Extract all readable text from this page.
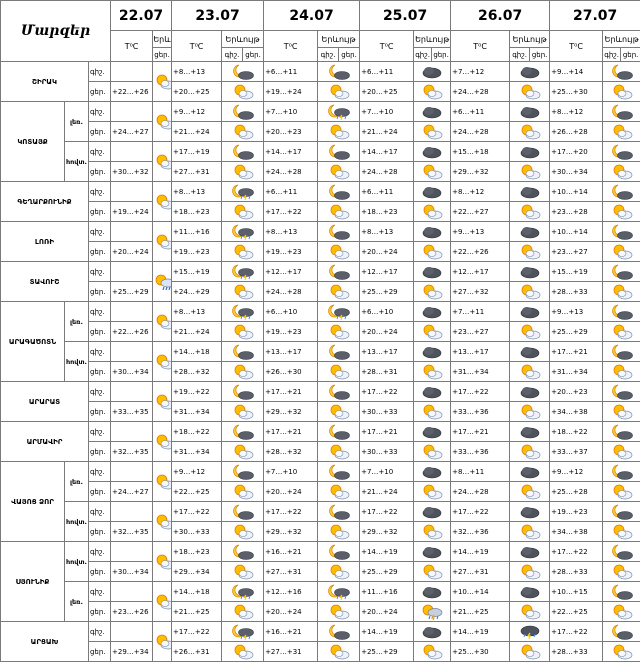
Մարզեր			22.07		23.07			24.07			25.07			26.07			27.07		
			T⁰C	Երև	T⁰C	Երևույթ		T⁰C	Երևույթ		T⁰C	Երևույթ		T⁰C	Երևույթ		T⁰C	Երևույթ	
				ցեր.		գիշ.	ցեր.		գիշ.	ցեր.		գիշ.	ցեր.		գիշ.	ցեր.		գիշ.	ցեր.
ՇԻՐԱԿ		գիշ.			+8…+13			+6…+11			+6…+11			+7…+12			+9…+14	

		ցեր.	+22…+26		+20…+25			+19…+24			+20…+25			+24…+28			+25…+30	

ԿՈՏԱՅՔ	լեռ.	գիշ.			+9…+12			+7…+10			+7…+10			+6…+11			+8…+12	

		ցեր.	+24…+27		+21…+24			+20…+23			+21…+24			+24…+28			+26…+28	

	հովտ.	գիշ.			+17…+19			+14…+17			+14…+17			+15…+18			+17…+20	

		ցեր.	+30…+32		+27…+31			+24…+28			+24…+28			+29…+32			+30…+34	

ԳԵՂԱՐՔՈՒՆԻՔ		գիշ.			+8…+13			+6…+11			+6…+11			+8…+12			+10…+14	

		ցեր.	+19…+24		+18…+23			+17…+22			+18…+23			+22…+27			+23…+28	

ԼՈՌԻ		գիշ.			+11…+16			+8…+13			+8…+13			+9…+13			+10…+14	

		ցեր.	+20…+24		+19…+23			+19…+23			+20…+24			+22…+26			+23…+27	

ՏԱՎՈՒՇ		գիշ.			+15…+19			+12…+17			+12…+17			+12…+17			+15…+19	

		ցեր.	+25…+29		+24…+29			+24…+28			+25…+29			+27…+32			+28…+33	

ԱՐԱԳԱԾՈՏՆ	լեռ.	գիշ.			+8…+13			+6…+10			+6…+10			+7…+11			+9…+13	

		ցեր.	+22…+26		+21…+24			+19…+23			+20…+24			+23…+27			+25…+29	

	հովտ.	գիշ.			+14…+18			+13…+17			+13…+17			+13…+17			+17…+21	

		ցեր.	+30…+34		+28…+32			+26…+30			+28…+31			+31…+34			+31…+34	

ԱՐԱՐԱՏ		գիշ.			+19…+22			+17…+21			+17…+22			+17…+22			+20…+23	

		ցեր.	+33…+35		+31…+34			+29…+32			+30…+33			+33…+36			+34…+38	

ԱՐՄԱՎԻՐ		գիշ.			+18…+22			+17…+21			+17…+21			+17…+21			+18…+22	

		ցեր.	+32…+35		+31…+34			+28…+32			+30…+33			+33…+36			+33…+37	

ՎԱՅՈՑ ՁՈՐ	լեռ.	գիշ.			+9…+12			+7…+10			+7…+10			+8…+11			+9…+12	

		ցեր.	+24…+27		+22…+25			+20…+24			+21…+24			+24…+28			+25…+28	

	հովտ.	գիշ.			+17…+22			+17…+22			+17…+22			+17…+22			+19…+23	

		ցեր.	+32…+35		+30…+33			+29…+32			+29…+32			+32…+36			+34…+38	

ՍՅՈՒՆԻՔ	հովտ.	գիշ.			+18…+23			+16…+21			+14…+19			+14…+19			+17…+22	

		ցեր.	+30…+34		+29…+34			+27…+31			+25…+29			+27…+31			+28…+33	

	լեռ.	գիշ.			+14…+18			+12…+16			+11…+16			+10…+14			+10…+15	

		ցեր.	+23…+26		+21…+25			+20…+24			+20…+24			+21…+25			+22…+25	

ԱՐՑԱԽ		գիշ.			+17…+22			+16…+21			+14…+19			+14…+19			+17…+22	

		ցեր.	+29…+34		+26…+31			+27…+31			+25…+29			+25…+30			+28…+33	
